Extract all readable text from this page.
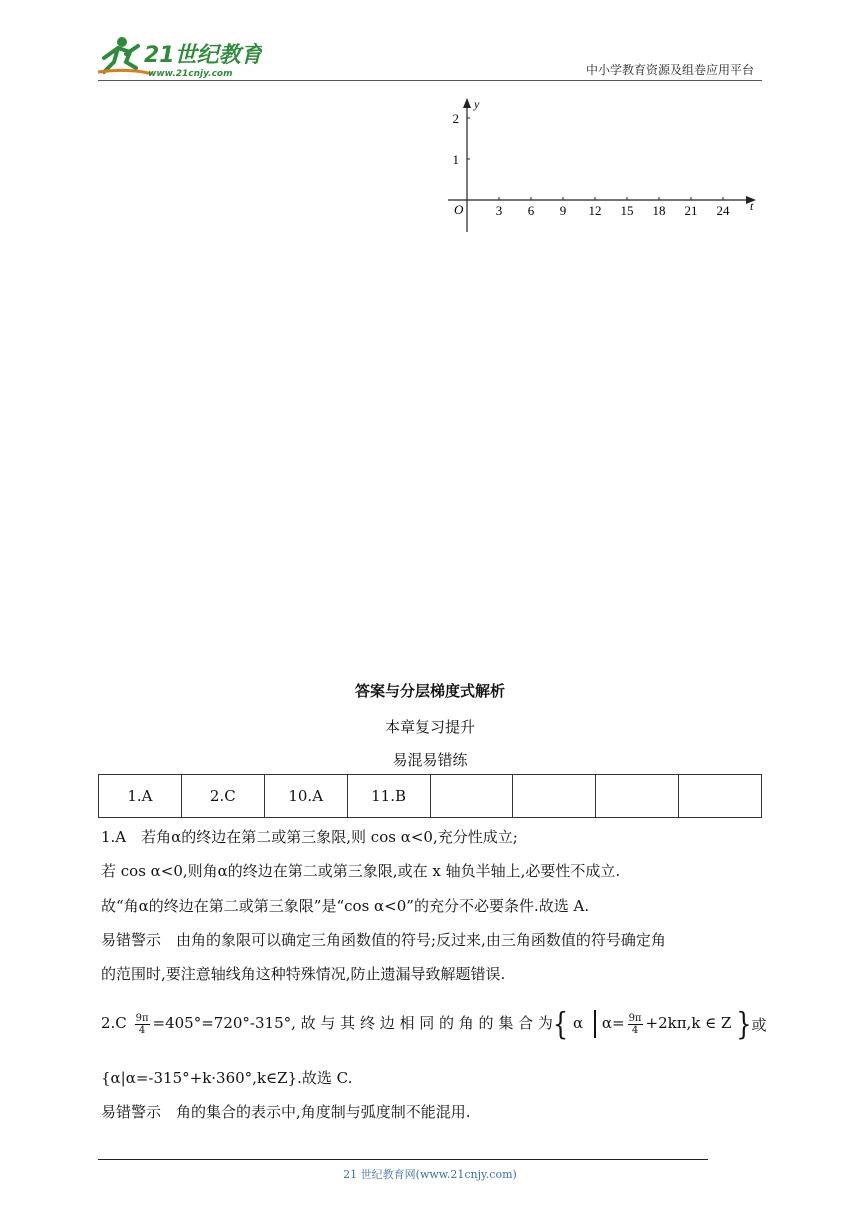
21世纪教育
www.21cnjy.com	中小学教育资源及组卷应用平台
y
t
O 3 6 9 12 15 18 21 24
1
2
答案与分层梯度式解析
本章复习提升
易混易错练
1.A	2.C	10.A	11.B				
1.A　若角α的终边在第二或第三象限,则 cos α<0,充分性成立;
若 cos α<0,则角α的终边在第二或第三象限,或在 x 轴负半轴上,必要性不成立.
故“角α的终边在第二或第三象限”是“cos α<0”的充分不必要条件.故选 A.
易错警示　由角的象限可以确定三角函数值的符号;反过来,由三角函数值的符号确定角
的范围时,要注意轴线角这种特殊情况,防止遗漏导致解题错误.
$2.C \frac{9\pi}{4} =405^\circ=720^\circ-315^\circ$, 故 与 其 终 边 相 同 的 角 的 集 合 为 { α $\alpha= \frac{9\pi}{4} +2k\pi,k$ ∈ Z } 或
{α|α=-315°+k·360°,k∈Z}.故选 C.
易错警示　角的集合的表示中,角度制与弧度制不能混用.
21 世纪教育网(www.21cnjy.com)
